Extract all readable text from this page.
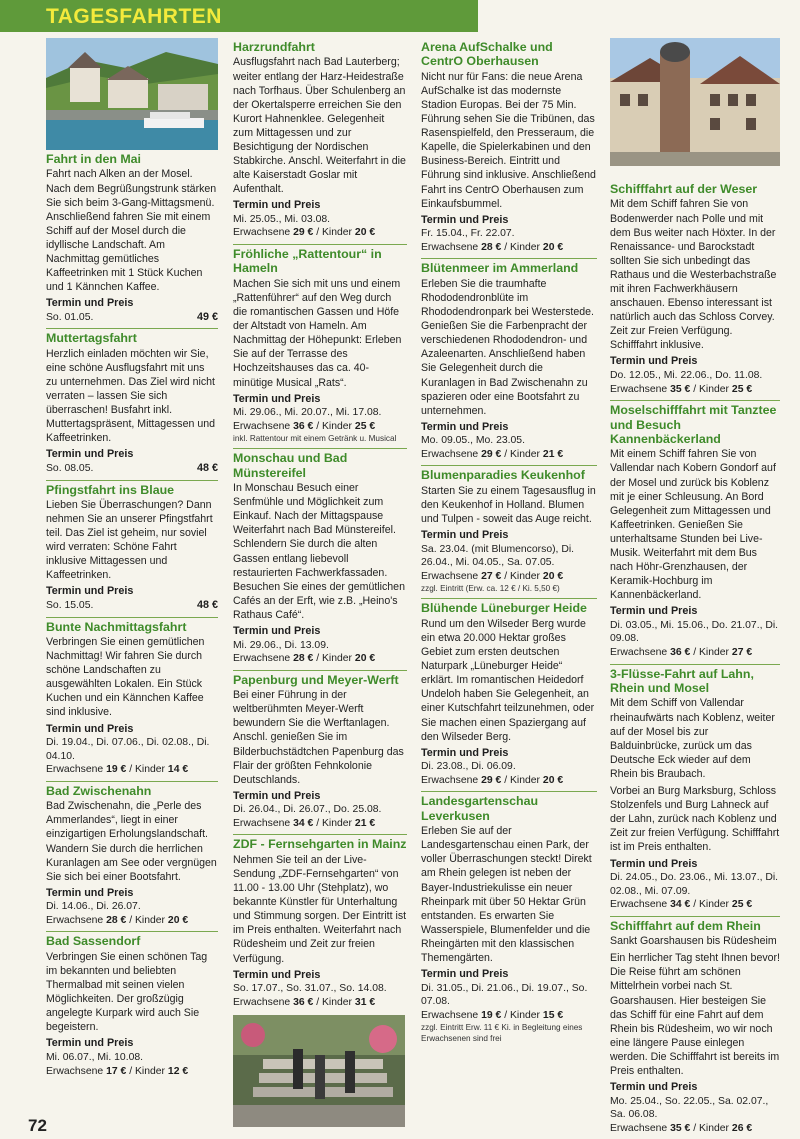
TAGESFAHRTEN
Fahrt in den Mai

Fahrt nach Alken an der Mosel. Nach dem Begrüßungstrunk stärken Sie sich beim 3-Gang-Mittagsmenü. Anschließend fahren Sie mit einem Schiff auf der Mosel durch die idyllische Landschaft. Am Nachmittag gemütliches Kaffeetrinken mit 1 Stück Kuchen und 1 Kännchen Kaffee.

Termin und Preis
So. 01.05.	49 €
Muttertagsfahrt

Herzlich einladen möchten wir Sie, eine schöne Ausflugsfahrt mit uns zu unternehmen. Das Ziel wird nicht verraten – lassen Sie sich überraschen! Busfahrt inkl. Muttertagspräsent, Mittagessen und Kaffeetrinken.

Termin und Preis
So. 08.05.	48 €
Pfingstfahrt ins Blaue

Lieben Sie Überraschungen? Dann nehmen Sie an unserer Pfingstfahrt teil. Das Ziel ist geheim, nur soviel wird verraten: Schöne Fahrt inklusive Mittagessen und Kaffeetrinken.

Termin und Preis
So. 15.05.	48 €
Bunte Nachmittagsfahrt

Verbringen Sie einen gemütlichen Nachmittag! Wir fahren Sie durch schöne Landschaften zu ausgewählten Lokalen. Ein Stück Kuchen und ein Kännchen Kaffee sind inklusive.

Termin und Preis
Di. 19.04., Di. 07.06., Di. 02.08., Di. 04.10.
Erwachsene 19 € / Kinder 14 €
Bad Zwischenahn

Bad Zwischenahn, die „Perle des Ammerlandes“, liegt in einer einzigartigen Erholungslandschaft. Wandern Sie durch die herrlichen Kuranlagen am See oder vergnügen Sie sich bei einer Bootsfahrt.

Termin und Preis
Di. 14.06., Di. 26.07.
Erwachsene 28 € / Kinder 20 €
Bad Sassendorf

Verbringen Sie einen schönen Tag im bekannten und beliebten Thermalbad mit seinen vielen Möglichkeiten. Der großzügig angelegte Kurpark wird auch Sie begeistern.

Termin und Preis
Mi. 06.07., Mi. 10.08.
Erwachsene 17 € / Kinder 12 €
Harzrundfahrt

Ausflugsfahrt nach Bad Lauterberg; weiter entlang der Harz-Heidestraße nach Torfhaus. Über Schulenberg an der Okertalsperre erreichen Sie den Kurort Hahnenklee. Gelegenheit zum Mittagessen und zur Besichtigung der Nordischen Stabkirche. Anschl. Weiterfahrt in die alte Kaiserstadt Goslar mit Aufenthalt.

Termin und Preis
Mi. 25.05., Mi. 03.08.
Erwachsene 29 € / Kinder 20 €
Fröhliche „Rattentour“ in Hameln

Machen Sie sich mit uns und einem „Rattenführer“ auf den Weg durch die romantischen Gassen und Höfe der Altstadt von Hameln. Am Nachmittag der Höhepunkt: Erleben Sie auf der Terrasse des Hochzeitshauses das ca. 40-minütige Musical „Rats“.

Termin und Preis
Mi. 29.06., Mi. 20.07., Mi. 17.08.
Erwachsene 36 € / Kinder 25 €
inkl. Rattentour mit einem Getränk u. Musical
Monschau und Bad Münstereifel

In Monschau Besuch einer Senfmühle und Möglichkeit zum Einkauf. Nach der Mittagspause Weiterfahrt nach Bad Münstereifel. Schlendern Sie durch die alten Gassen entlang liebevoll restaurierten Fachwerkfassaden. Besuchen Sie eines der gemütlichen Cafés an der Erft, wie z.B. „Heino's Rathaus Café“.

Termin und Preis
Mi. 29.06., Di. 13.09.
Erwachsene 28 € / Kinder 20 €
Papenburg und Meyer-Werft

Bei einer Führung in der weltberühmten Meyer-Werft bewundern Sie die Werftanlagen. Anschl. genießen Sie im Bilderbuchstädtchen Papenburg das Flair der größten Fehnkolonie Deutschlands.

Termin und Preis
Di. 26.04., Di. 26.07., Do. 25.08.
Erwachsene 34 € / Kinder 21 €
ZDF - Fernsehgarten in Mainz

Nehmen Sie teil an der Live-Sendung „ZDF-Fernsehgarten“ von 11.00 - 13.00 Uhr (Stehplatz), wo bekannte Künstler für Unterhaltung und Stimmung sorgen. Der Eintritt ist im Preis enthalten. Weiterfahrt nach Rüdesheim und Zeit zur freien Verfügung.

Termin und Preis
So. 17.07., So. 31.07., So. 14.08.
Erwachsene 36 € / Kinder 31 €
Arena AufSchalke und CentrO Oberhausen

Nicht nur für Fans: die neue Arena AufSchalke ist das modernste Stadion Europas. Bei der 75 Min. Führung sehen Sie die Tribünen, das Rasenspielfeld, den Presseraum, die Kapelle, die Spielerkabinen und den Business-Bereich. Eintritt und Führung sind inklusive. Anschließend Fahrt ins CentrO Oberhausen zum Einkaufsbummel.

Termin und Preis
Fr. 15.04., Fr. 22.07.
Erwachsene 28 € / Kinder 20 €
Blütenmeer im Ammerland

Erleben Sie die traumhafte Rhododendronblüte im Rhododendronpark bei Westerstede. Genießen Sie die Farbenpracht der verschiedenen Rhododendron- und Azaleenarten. Anschließend haben Sie Gelegenheit durch die Kuranlagen in Bad Zwischenahn zu spazieren oder eine Bootsfahrt zu unternehmen.

Termin und Preis
Mo. 09.05., Mo. 23.05.
Erwachsene 29 € / Kinder 21 €
Blumenparadies Keukenhof

Starten Sie zu einem Tagesausflug in den Keukenhof in Holland. Blumen und Tulpen - soweit das Auge reicht.

Termin und Preis
Sa. 23.04. (mit Blumencorso), Di. 26.04., Mi. 04.05., Sa. 07.05.
Erwachsene 27 € / Kinder 20 €
zzgl. Eintritt (Erw. ca. 12 € / Ki. 5,50 €)
Blühende Lüneburger Heide

Rund um den Wilseder Berg wurde ein etwa 20.000 Hektar großes Gebiet zum ersten deutschen Naturpark „Lüneburger Heide“ erklärt. Im romantischen Heidedorf Undeloh haben Sie Gelegenheit, an einer Kutschfahrt teilzunehmen, oder Sie machen einen Spaziergang auf den Wilseder Berg.

Termin und Preis
Di. 23.08., Di. 06.09.
Erwachsene 29 € / Kinder 20 €
Landesgartenschau Leverkusen

Erleben Sie auf der Landesgartenschau einen Park, der voller Überraschungen steckt! Direkt am Rhein gelegen ist neben der Bayer-Industriekulisse ein neuer Rheinpark mit über 50 Hektar Grün entstanden. Es erwarten Sie Wasserspiele, Blumenfelder und die Rheingärten mit den klassischen Themengärten.

Termin und Preis
Di. 31.05., Di. 21.06., Di. 19.07., So. 07.08.
Erwachsene 19 € / Kinder 15 €
zzgl. Eintritt Erw. 11 € Ki. in Begleitung eines Erwachsenen sind frei
Schifffahrt auf der Weser

Mit dem Schiff fahren Sie von Bodenwerder nach Polle und mit dem Bus weiter nach Höxter. In der Renaissance- und Barockstadt sollten Sie sich unbedingt das Rathaus und die Westerbachstraße mit ihren Fachwerkhäusern anschauen. Ebenso interessant ist natürlich auch das Schloss Corvey. Zeit zur Freien Verfügung. Schifffahrt inklusive.

Termin und Preis
Do. 12.05., Mi. 22.06., Do. 11.08.
Erwachsene 35 € / Kinder 25 €
Moselschifffahrt mit Tanztee und Besuch Kannenbäckerland

Mit einem Schiff fahren Sie von Vallendar nach Kobern Gondorf auf der Mosel und zurück bis Koblenz mit je einer Schleusung. An Bord Gelegenheit zum Mittagessen und Kaffeetrinken. Genießen Sie unterhaltsame Stunden bei Live-Musik. Weiterfahrt mit dem Bus nach Höhr-Grenzhausen, der Keramik-Hochburg im Kannenbäckerland.

Termin und Preis
Di. 03.05., Mi. 15.06., Do. 21.07., Di. 09.08.
Erwachsene 36 € / Kinder 27 €
3-Flüsse-Fahrt auf Lahn, Rhein und Mosel

Mit dem Schiff von Vallendar rheinaufwärts nach Koblenz, weiter auf der Mosel bis zur Balduinbrücke, zurück um das Deutsche Eck wieder auf dem Rhein bis Braubach.

Vorbei an Burg Marksburg, Schloss Stolzenfels und Burg Lahneck auf der Lahn, zurück nach Koblenz und Zeit zur freien Verfügung. Schifffahrt ist im Preis enthalten.

Termin und Preis
Di. 24.05., Do. 23.06., Mi. 13.07., Di. 02.08., Mi. 07.09.
Erwachsene 34 € / Kinder 25 €
Schifffahrt auf dem Rhein

Sankt Goarshausen bis Rüdesheim

Ein herrlicher Tag steht Ihnen bevor! Die Reise führt am schönen Mittelrhein vorbei nach St. Goarshausen. Hier besteigen Sie das Schiff für eine Fahrt auf dem Rhein bis Rüdesheim, wo wir noch eine längere Pause einlegen werden. Die Schifffahrt ist bereits im Preis enthalten.

Termin und Preis
Mo. 25.04., So. 22.05., Sa. 02.07., Sa. 06.08.
Erwachsene 35 € / Kinder 26 €
72
